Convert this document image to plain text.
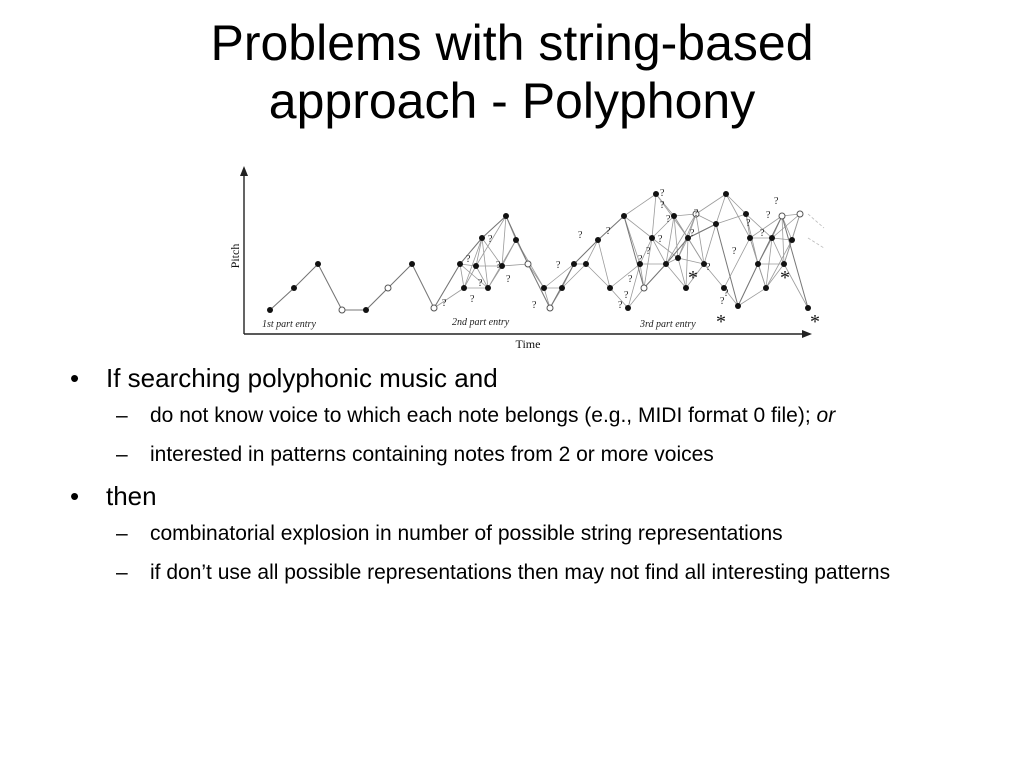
Problems with string-based
approach - Polyphony
Pitch
Time
1st part entry	2nd part entry	3rd part entry
?
?
?
?
?
? ?
?
?
? ?
?
?
?
?
?
?
?
?
?
?
?
?
?
?
?
?
?
?
?
*
*
*
*
• If searching polyphonic music and
– do not know voice to which each note belongs (e.g., MIDI format 0 file); or
– interested in patterns containing notes from 2 or more voices
• then
– combinatorial explosion in number of possible string representations
– if don’t use all possible representations then may not find all interesting patterns
